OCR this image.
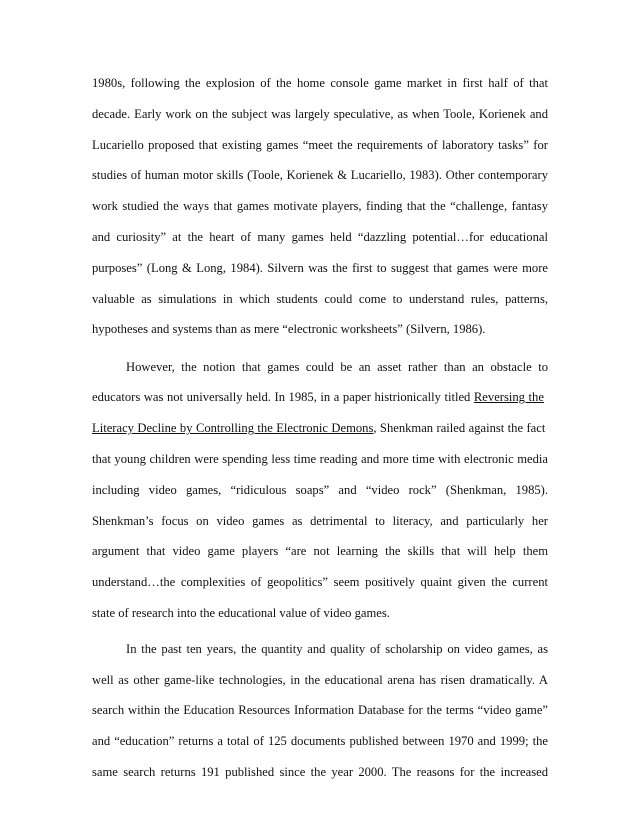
1980s, following the explosion of the home console game market in first half of that
decade. Early work on the subject was largely speculative, as when Toole, Korienek and
Lucariello proposed that existing games “meet the requirements of laboratory tasks” for
studies of human motor skills (Toole, Korienek & Lucariello, 1983). Other contemporary
work studied the ways that games motivate players, finding that the “challenge, fantasy
and curiosity” at the heart of many games held “dazzling potential…for educational
purposes” (Long & Long, 1984). Silvern was the first to suggest that games were more
valuable as simulations in which students could come to understand rules, patterns,
hypotheses and systems than as mere “electronic worksheets” (Silvern, 1986).
However, the notion that games could be an asset rather than an obstacle to
educators was not universally held. In 1985, in a paper histrionically titled Reversing the
Literacy Decline by Controlling the Electronic Demons, Shenkman railed against the fact
that young children were spending less time reading and more time with electronic media
including video games, “ridiculous soaps” and “video rock” (Shenkman, 1985).
Shenkman’s focus on video games as detrimental to literacy, and particularly her
argument that video game players “are not learning the skills that will help them
understand…the complexities of geopolitics” seem positively quaint given the current
state of research into the educational value of video games.
In the past ten years, the quantity and quality of scholarship on video games, as
well as other game-like technologies, in the educational arena has risen dramatically. A
search within the Education Resources Information Database for the terms “video game”
and “education” returns a total of 125 documents published between 1970 and 1999; the
same search returns 191 published since the year 2000. The reasons for the increased
